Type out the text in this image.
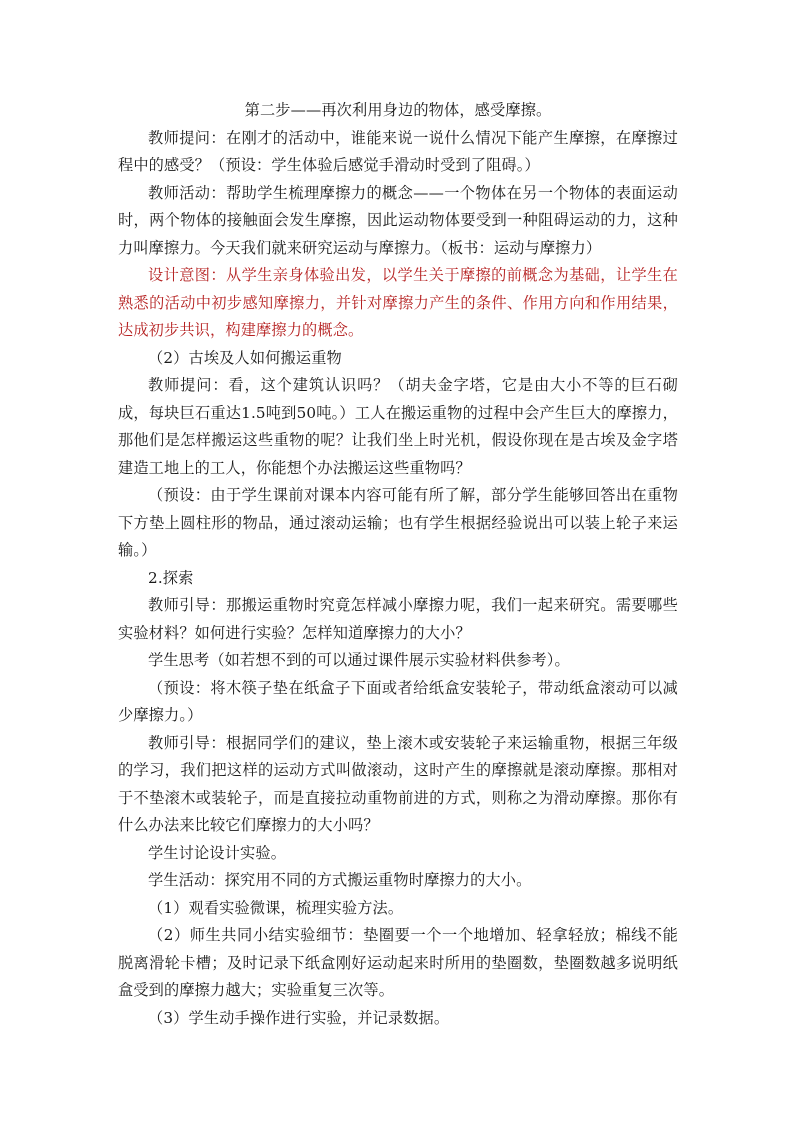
第二步——再次利用身边的物体，感受摩擦。

教师提问：在刚才的活动中，谁能来说一说什么情况下能产生摩擦，在摩擦过程中的感受？（预设：学生体验后感觉手滑动时受到了阻碍。）

教师活动：帮助学生梳理摩擦力的概念——一个物体在另一个物体的表面运动时，两个物体的接触面会发生摩擦，因此运动物体要受到一种阻碍运动的力，这种力叫摩擦力。今天我们就来研究运动与摩擦力。（板书：运动与摩擦力）

设计意图：从学生亲身体验出发，以学生关于摩擦的前概念为基础，让学生在熟悉的活动中初步感知摩擦力，并针对摩擦力产生的条件、作用方向和作用结果，达成初步共识，构建摩擦力的概念。

（2）古埃及人如何搬运重物

教师提问：看，这个建筑认识吗？（胡夫金字塔，它是由大小不等的巨石砌成，每块巨石重达1.5吨到50吨。）工人在搬运重物的过程中会产生巨大的摩擦力，那他们是怎样搬运这些重物的呢？让我们坐上时光机，假设你现在是古埃及金字塔建造工地上的工人，你能想个办法搬运这些重物吗？

（预设：由于学生课前对课本内容可能有所了解，部分学生能够回答出在重物下方垫上圆柱形的物品，通过滚动运输；也有学生根据经验说出可以装上轮子来运输。）

2.探索

教师引导：那搬运重物时究竟怎样减小摩擦力呢，我们一起来研究。需要哪些实验材料？如何进行实验？怎样知道摩擦力的大小？

学生思考（如若想不到的可以通过课件展示实验材料供参考）。

（预设：将木筷子垫在纸盒子下面或者给纸盒安装轮子，带动纸盒滚动可以减少摩擦力。）

教师引导：根据同学们的建议，垫上滚木或安装轮子来运输重物，根据三年级的学习，我们把这样的运动方式叫做滚动，这时产生的摩擦就是滚动摩擦。那相对于不垫滚木或装轮子，而是直接拉动重物前进的方式，则称之为滑动摩擦。那你有什么办法来比较它们摩擦力的大小吗？

学生讨论设计实验。

学生活动：探究用不同的方式搬运重物时摩擦力的大小。

（1）观看实验微课，梳理实验方法。

（2）师生共同小结实验细节：垫圈要一个一个地增加、轻拿轻放；棉线不能脱离滑轮卡槽；及时记录下纸盒刚好运动起来时所用的垫圈数，垫圈数越多说明纸盒受到的摩擦力越大；实验重复三次等。

（3）学生动手操作进行实验，并记录数据。
